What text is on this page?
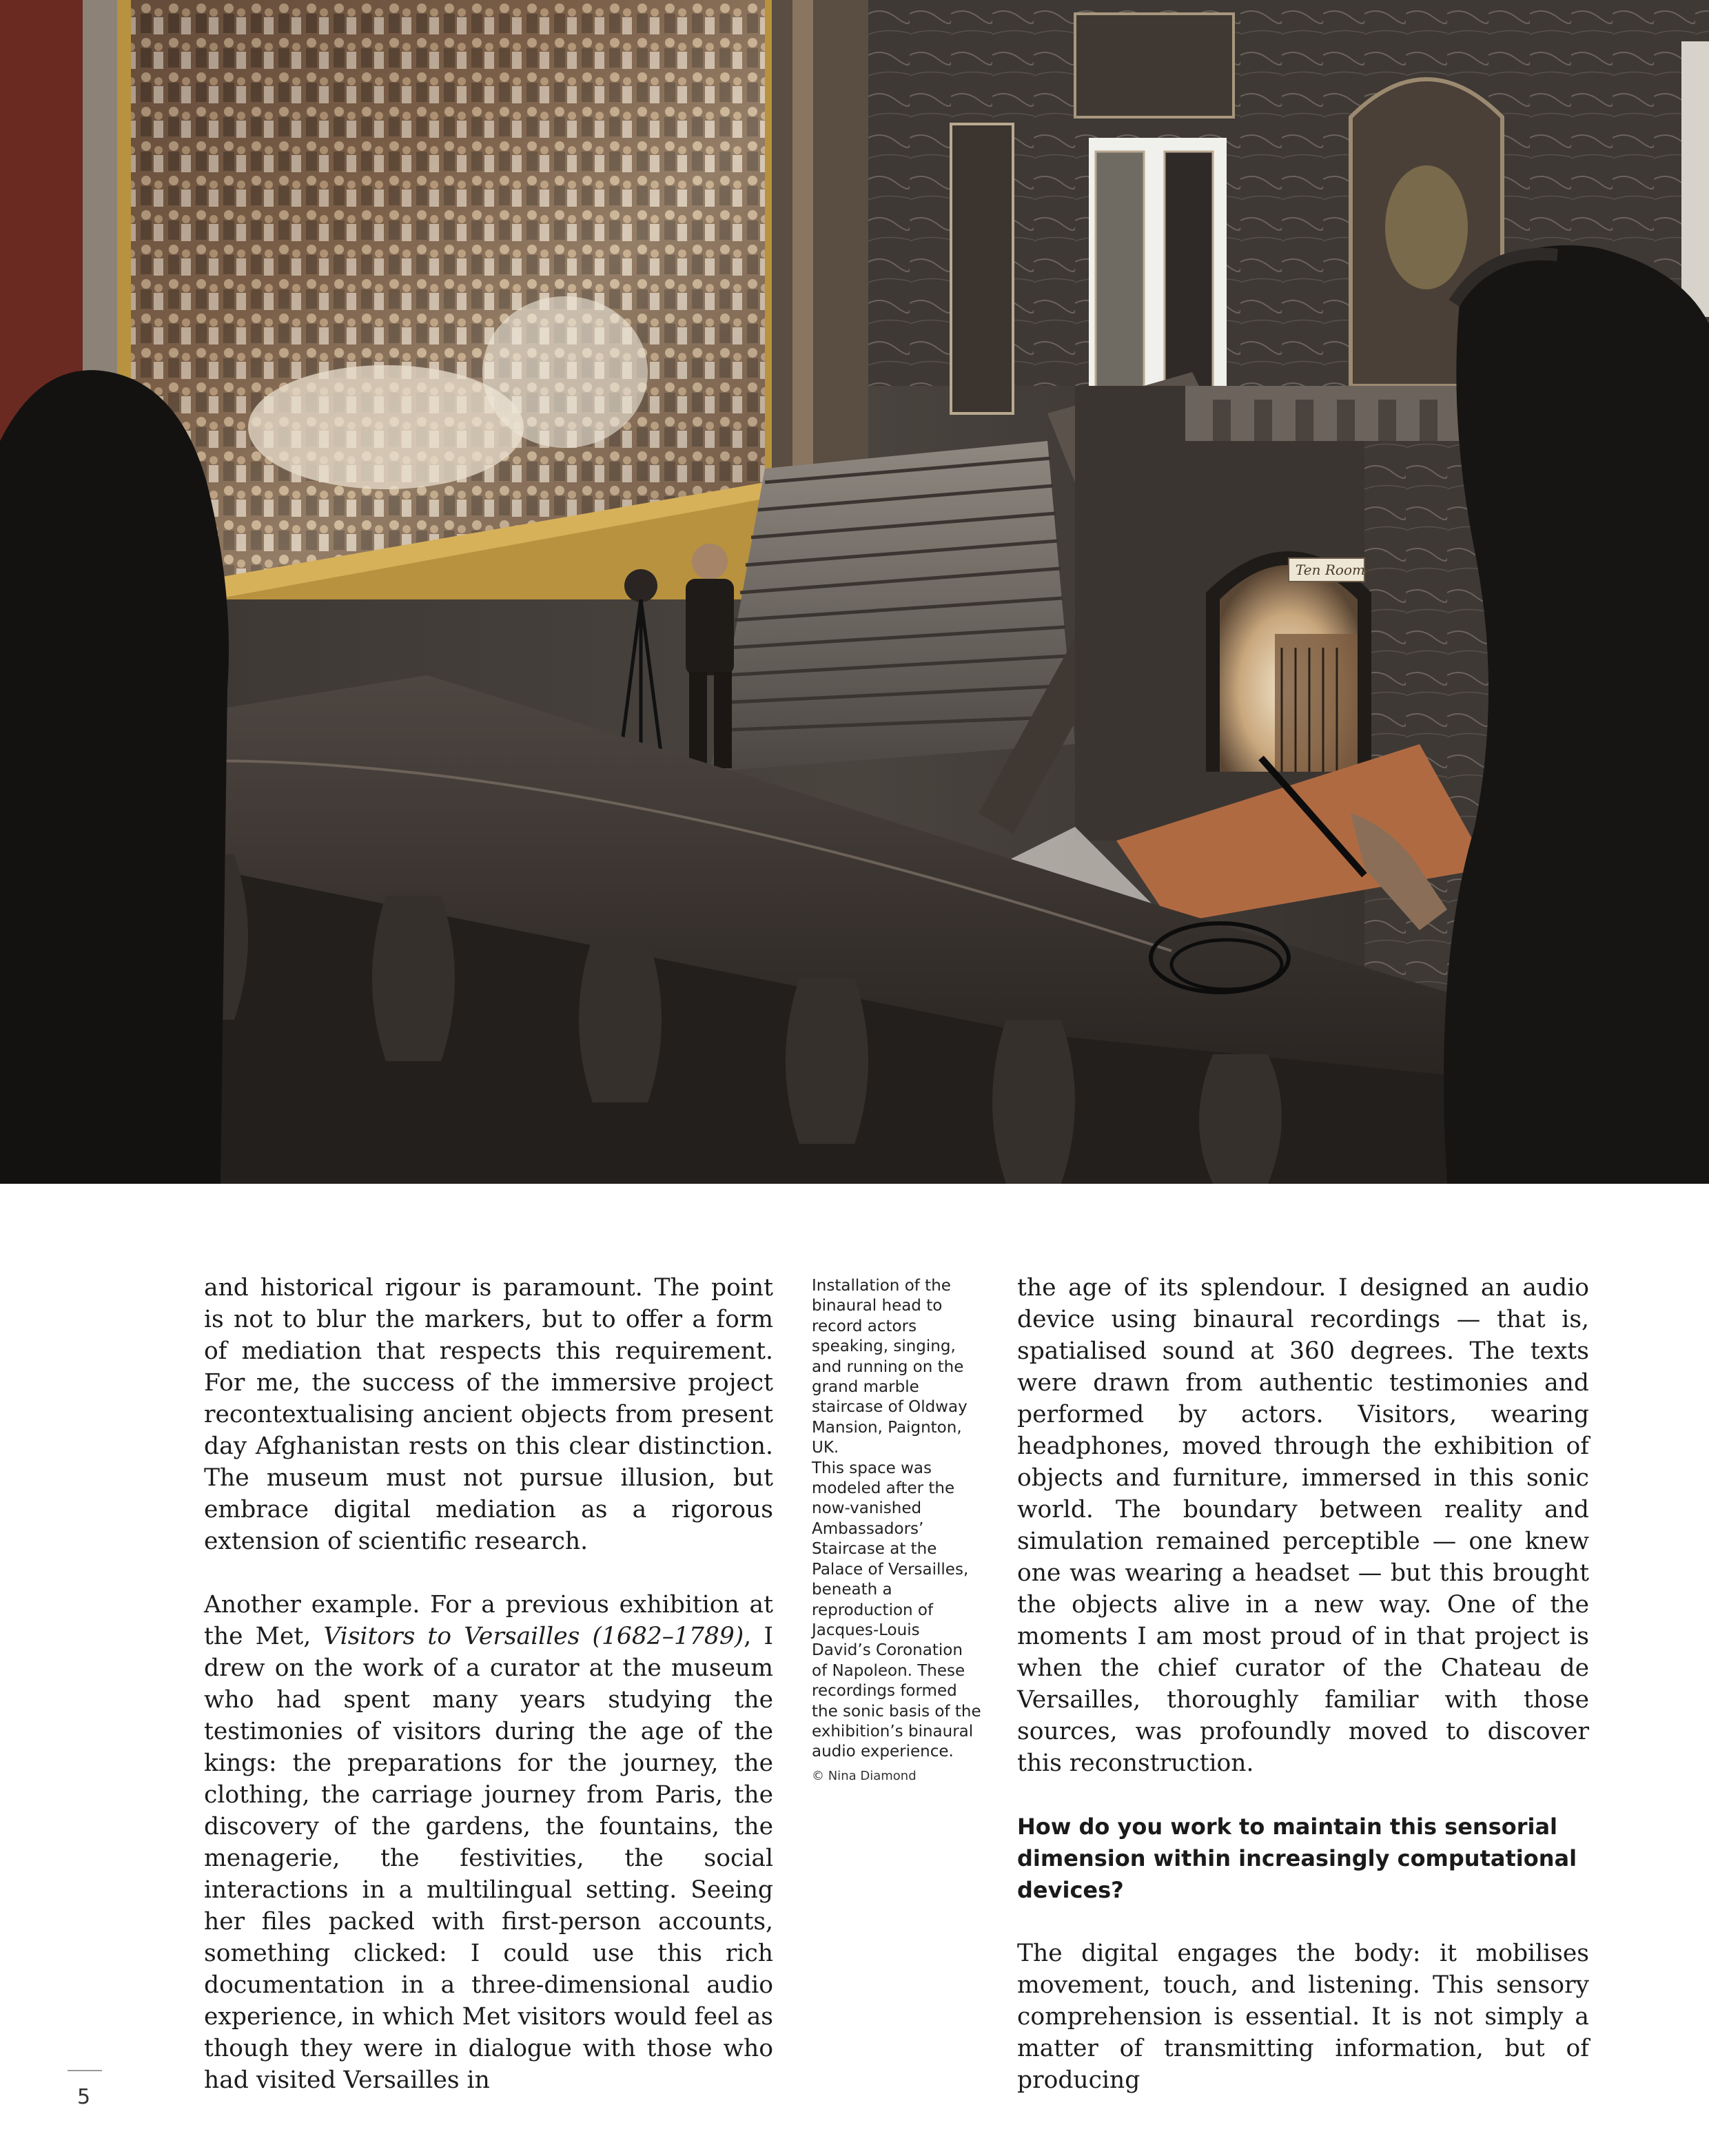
Ten Rooms

and historical rigour is paramount. The point is not to blur the markers, but to offer a form of mediation that respects this requirement. For me, the success of the immersive project recontextualising ancient objects from present day Afghanistan rests on this clear distinction. The museum must not pursue illusion, but embrace digital mediation as a rigorous extension of scientific research.

Another example. For a previous exhibition at the Met, Visitors to Versailles (1682–1789), I drew on the work of a curator at the museum who had spent many years studying the testimonies of visitors during the age of the kings: the preparations for the journey, the clothing, the carriage journey from Paris, the discovery of the gardens, the fountains, the menagerie, the festivities, the social interactions in a multilingual setting. Seeing her files packed with first-person accounts, something clicked: I could use this rich documentation in a three-dimensional audio experience, in which Met visitors would feel as though they were in dialogue with those who had visited Versailles in

Installation of the binaural head to record actors speaking, singing, and running on the grand marble staircase of Oldway Mansion, Paignton, UK.

This space was modeled after the now-vanished Ambassadors’ Staircase at the Palace of Versailles, beneath a reproduction of Jacques-Louis David’s Coronation of Napoleon. These recordings formed the sonic basis of the exhibition’s binaural audio experience.

© Nina Diamond

the age of its splendour. I designed an audio device using binaural recordings — that is, spatialised sound at 360 degrees. The texts were drawn from authentic testimonies and performed by actors. Visitors, wearing headphones, moved through the exhibition of objects and furniture, immersed in this sonic world. The boundary between reality and simulation remained perceptible — one knew one was wearing a headset — but this brought the objects alive in a new way. One of the moments I am most proud of in that project is when the chief curator of the Chateau de Versailles, thoroughly familiar with those sources, was profoundly moved to discover this reconstruction.

How do you work to maintain this sensorial dimension within increasingly computational devices?

The digital engages the body: it mobilises movement, touch, and listening. This sensory comprehension is essential. It is not simply a matter of transmitting information, but of producing

5
